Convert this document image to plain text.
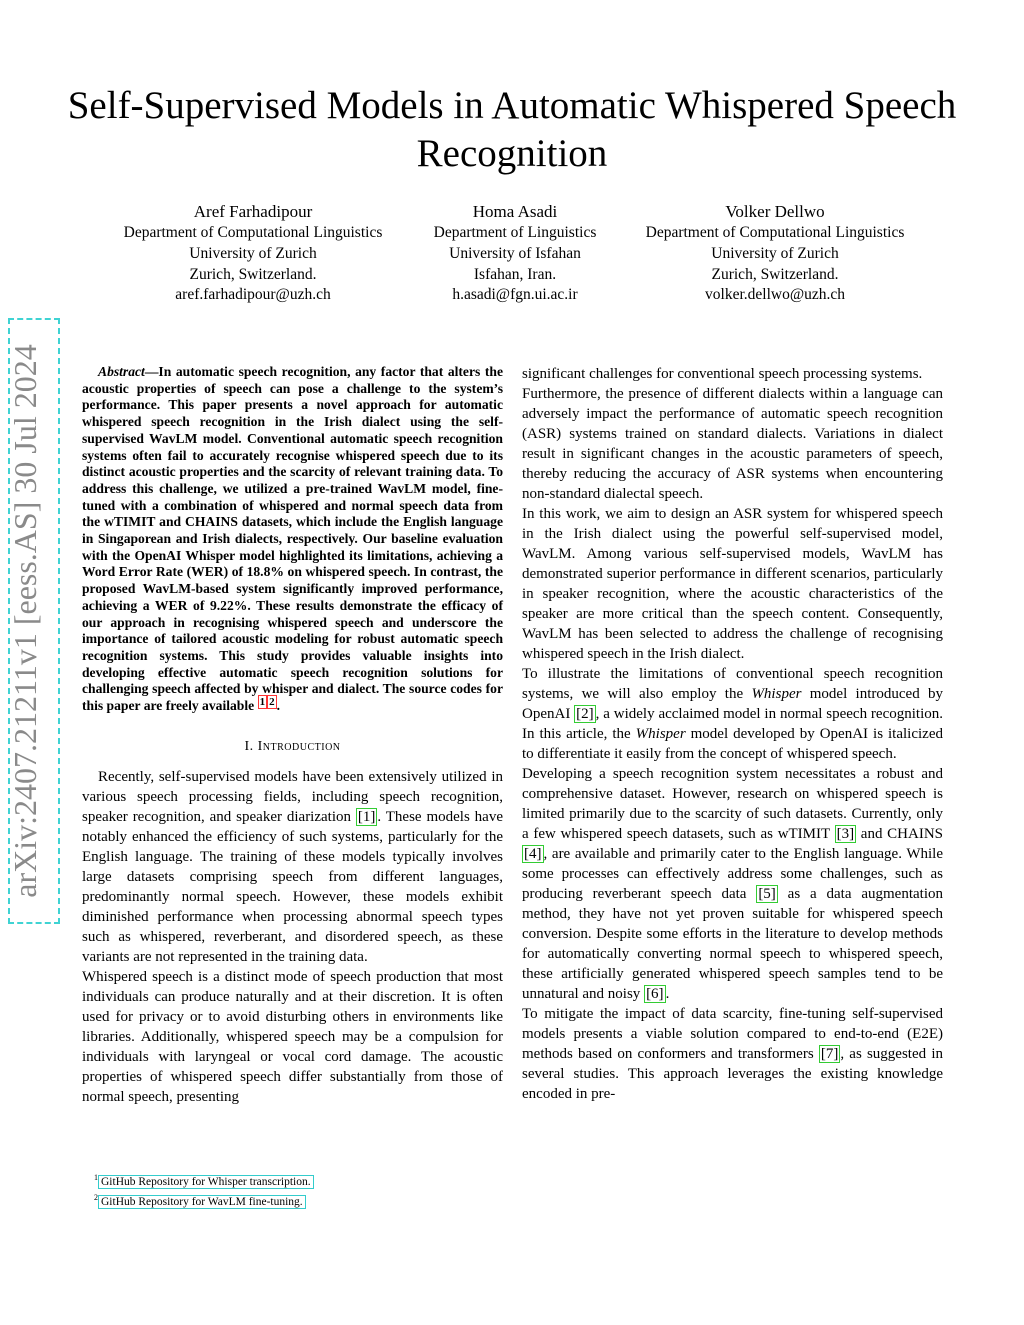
arXiv:2407.21211v1 [eess.AS] 30 Jul 2024
Self-Supervised Models in Automatic Whispered Speech Recognition
Aref Farhadipour
Department of Computational Linguistics
University of Zurich
Zurich, Switzerland.
aref.farhadipour@uzh.ch
Homa Asadi
Department of Linguistics
University of Isfahan
Isfahan, Iran.
h.asadi@fgn.ui.ac.ir
Volker Dellwo
Department of Computational Linguistics
University of Zurich
Zurich, Switzerland.
volker.dellwo@uzh.ch

Abstract—In automatic speech recognition, any factor that alters the acoustic properties of speech can pose a challenge to the system’s performance. This paper presents a novel approach for automatic whispered speech recognition in the Irish dialect using the self-supervised WavLM model. Conventional automatic speech recognition systems often fail to accurately recognise whispered speech due to its distinct acoustic properties and the scarcity of relevant training data. To address this challenge, we utilized a pre-trained WavLM model, fine-tuned with a combination of whispered and normal speech data from the wTIMIT and CHAINS datasets, which include the English language in Singaporean and Irish dialects, respectively. Our baseline evaluation with the OpenAI Whisper model highlighted its limitations, achieving a Word Error Rate (WER) of 18.8% on whispered speech. In contrast, the proposed WavLM-based system significantly improved performance, achieving a WER of 9.22%. These results demonstrate the efficacy of our approach in recognising whispered speech and underscore the importance of tailored acoustic modeling for robust automatic speech recognition systems. This study provides valuable insights into developing effective automatic speech recognition solutions for challenging speech affected by whisper and dialect. The source codes for this paper are freely available $^1$ $^2$ .

I. Introduction

Recently, self-supervised models have been extensively utilized in various speech processing fields, including speech recognition, speaker recognition, and speaker diarization [1] . These models have notably enhanced the efficiency of such systems, particularly for the English language. The training of these models typically involves large datasets comprising speech from different languages, predominantly normal speech. However, these models exhibit diminished performance when processing abnormal speech types such as whispered, reverberant, and disordered speech, as these variants are not represented in the training data.

Whispered speech is a distinct mode of speech production that most individuals can produce naturally and at their discretion. It is often used for privacy or to avoid disturbing others in environments like libraries. Additionally, whispered speech may be a compulsion for individuals with laryngeal or vocal cord damage. The acoustic properties of whispered speech differ substantially from those of normal speech, presenting

significant challenges for conventional speech processing systems.

Furthermore, the presence of different dialects within a language can adversely impact the performance of automatic speech recognition (ASR) systems trained on standard dialects. Variations in dialect result in significant changes in the acoustic parameters of speech, thereby reducing the accuracy of ASR systems when encountering non-standard dialectal speech.

In this work, we aim to design an ASR system for whispered speech in the Irish dialect using the powerful self-supervised model, WavLM. Among various self-supervised models, WavLM has demonstrated superior performance in different scenarios, particularly in speaker recognition, where the acoustic characteristics of the speaker are more critical than the speech content. Consequently, WavLM has been selected to address the challenge of recognising whispered speech in the Irish dialect.

To illustrate the limitations of conventional speech recognition systems, we will also employ the Whisper model introduced by OpenAI [2] , a widely acclaimed model in normal speech recognition. In this article, the Whisper model developed by OpenAI is italicized to differentiate it easily from the concept of whispered speech.

Developing a speech recognition system necessitates a robust and comprehensive dataset. However, research on whispered speech is limited primarily due to the scarcity of such datasets. Currently, only a few whispered speech datasets, such as wTIMIT [3] and CHAINS [4] , are available and primarily cater to the English language. While some processes can effectively address some challenges, such as producing reverberant speech data [5] as a data augmentation method, they have not yet proven suitable for whispered speech conversion. Despite some efforts in the literature to develop methods for automatically converting normal speech to whispered speech, these artificially generated whispered speech samples tend to be unnatural and noisy [6] .

To mitigate the impact of data scarcity, fine-tuning self-supervised models presents a viable solution compared to end-to-end (E2E) methods based on conformers and transformers [7] , as suggested in several studies. This approach leverages the existing knowledge encoded in pre-

$^1$ GitHub Repository for Whisper transcription.
$^2$ GitHub Repository for WavLM fine-tuning.
